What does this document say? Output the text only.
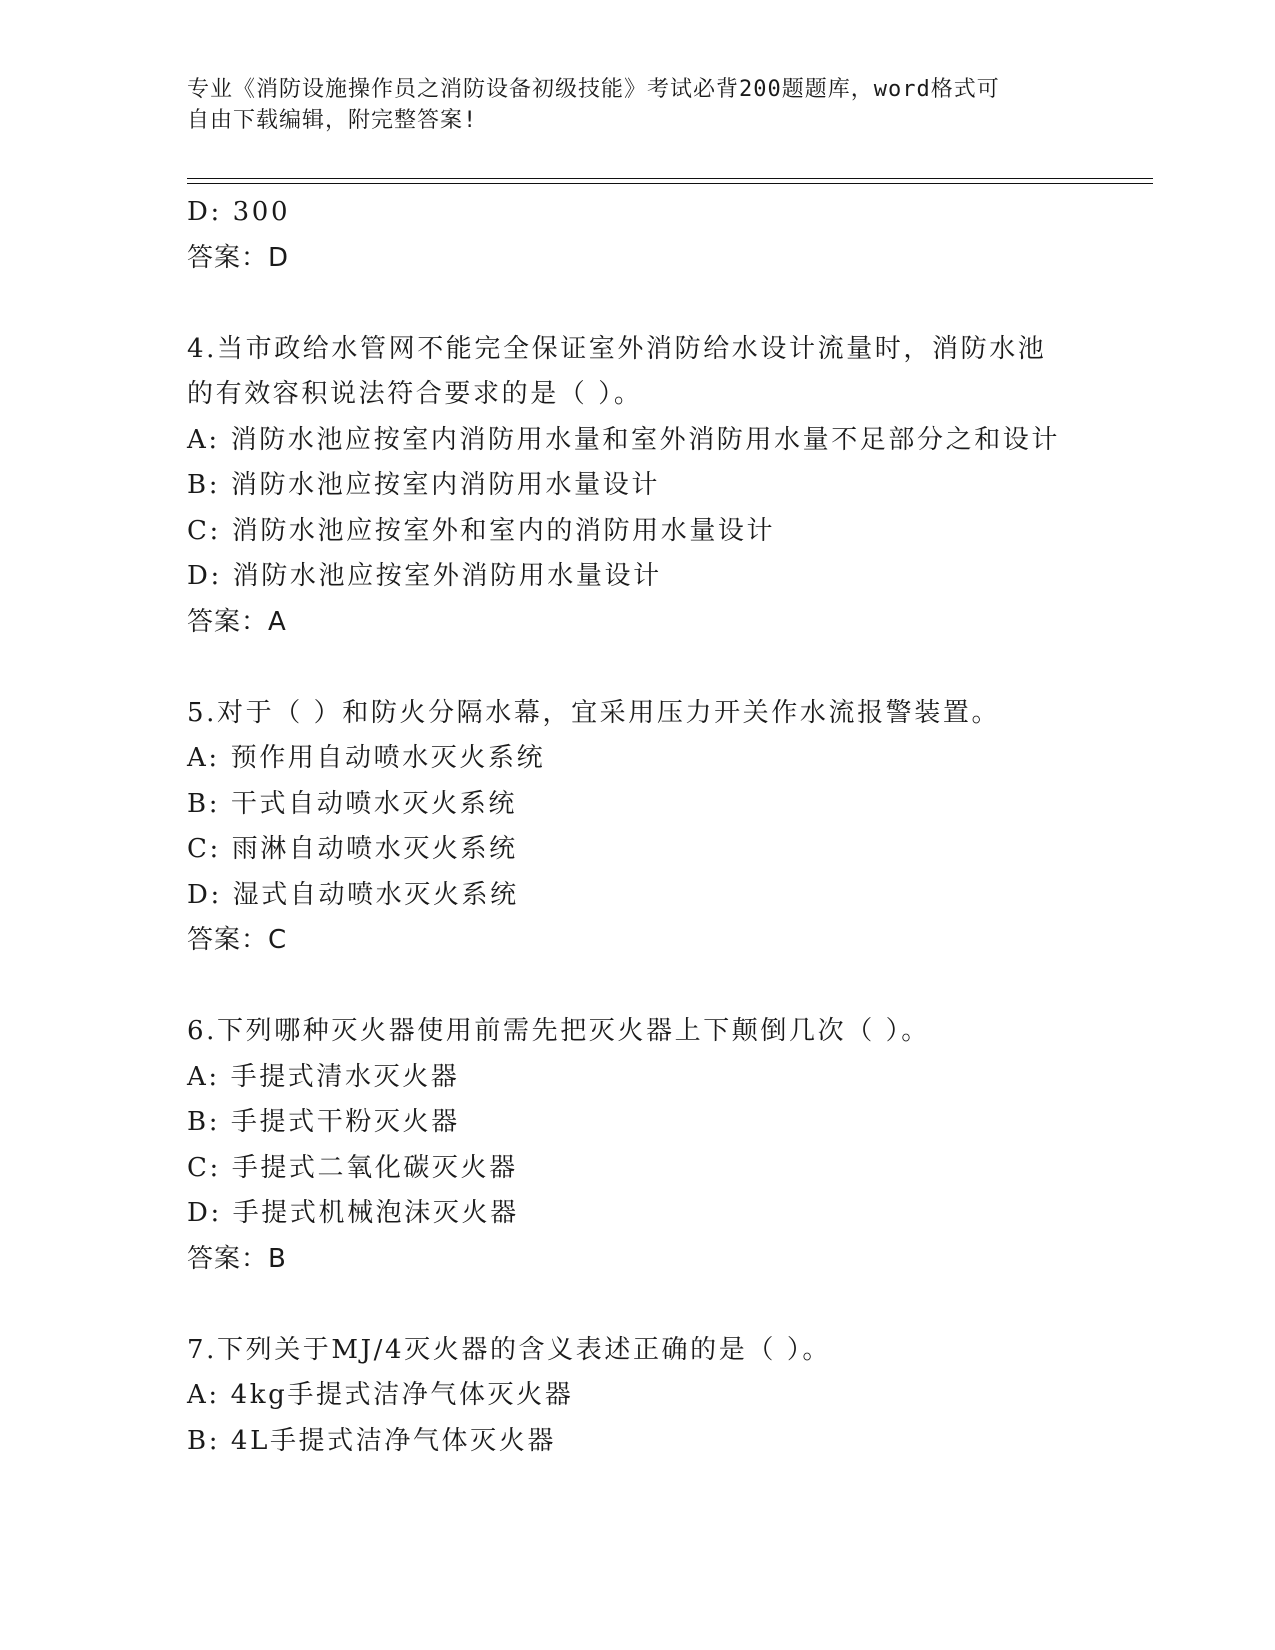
专业《消防设施操作员之消防设备初级技能》考试必背200题题库，word格式可
自由下载编辑，附完整答案!
D: 300
答案：D
4.当市政给水管网不能完全保证室外消防给水设计流量时，消防水池
的有效容积说法符合要求的是（ ）。
A: 消防水池应按室内消防用水量和室外消防用水量不足部分之和设计
B: 消防水池应按室内消防用水量设计
C: 消防水池应按室外和室内的消防用水量设计
D: 消防水池应按室外消防用水量设计
答案：A
5.对于（ ）和防火分隔水幕，宜采用压力开关作水流报警装置。
A: 预作用自动喷水灭火系统
B: 干式自动喷水灭火系统
C: 雨淋自动喷水灭火系统
D: 湿式自动喷水灭火系统
答案：C
6.下列哪种灭火器使用前需先把灭火器上下颠倒几次（ ）。
A: 手提式清水灭火器
B: 手提式干粉灭火器
C: 手提式二氧化碳灭火器
D: 手提式机械泡沫灭火器
答案：B
7.下列关于MJ/4灭火器的含义表述正确的是（ ）。
A: 4kg手提式洁净气体灭火器
B: 4L手提式洁净气体灭火器
